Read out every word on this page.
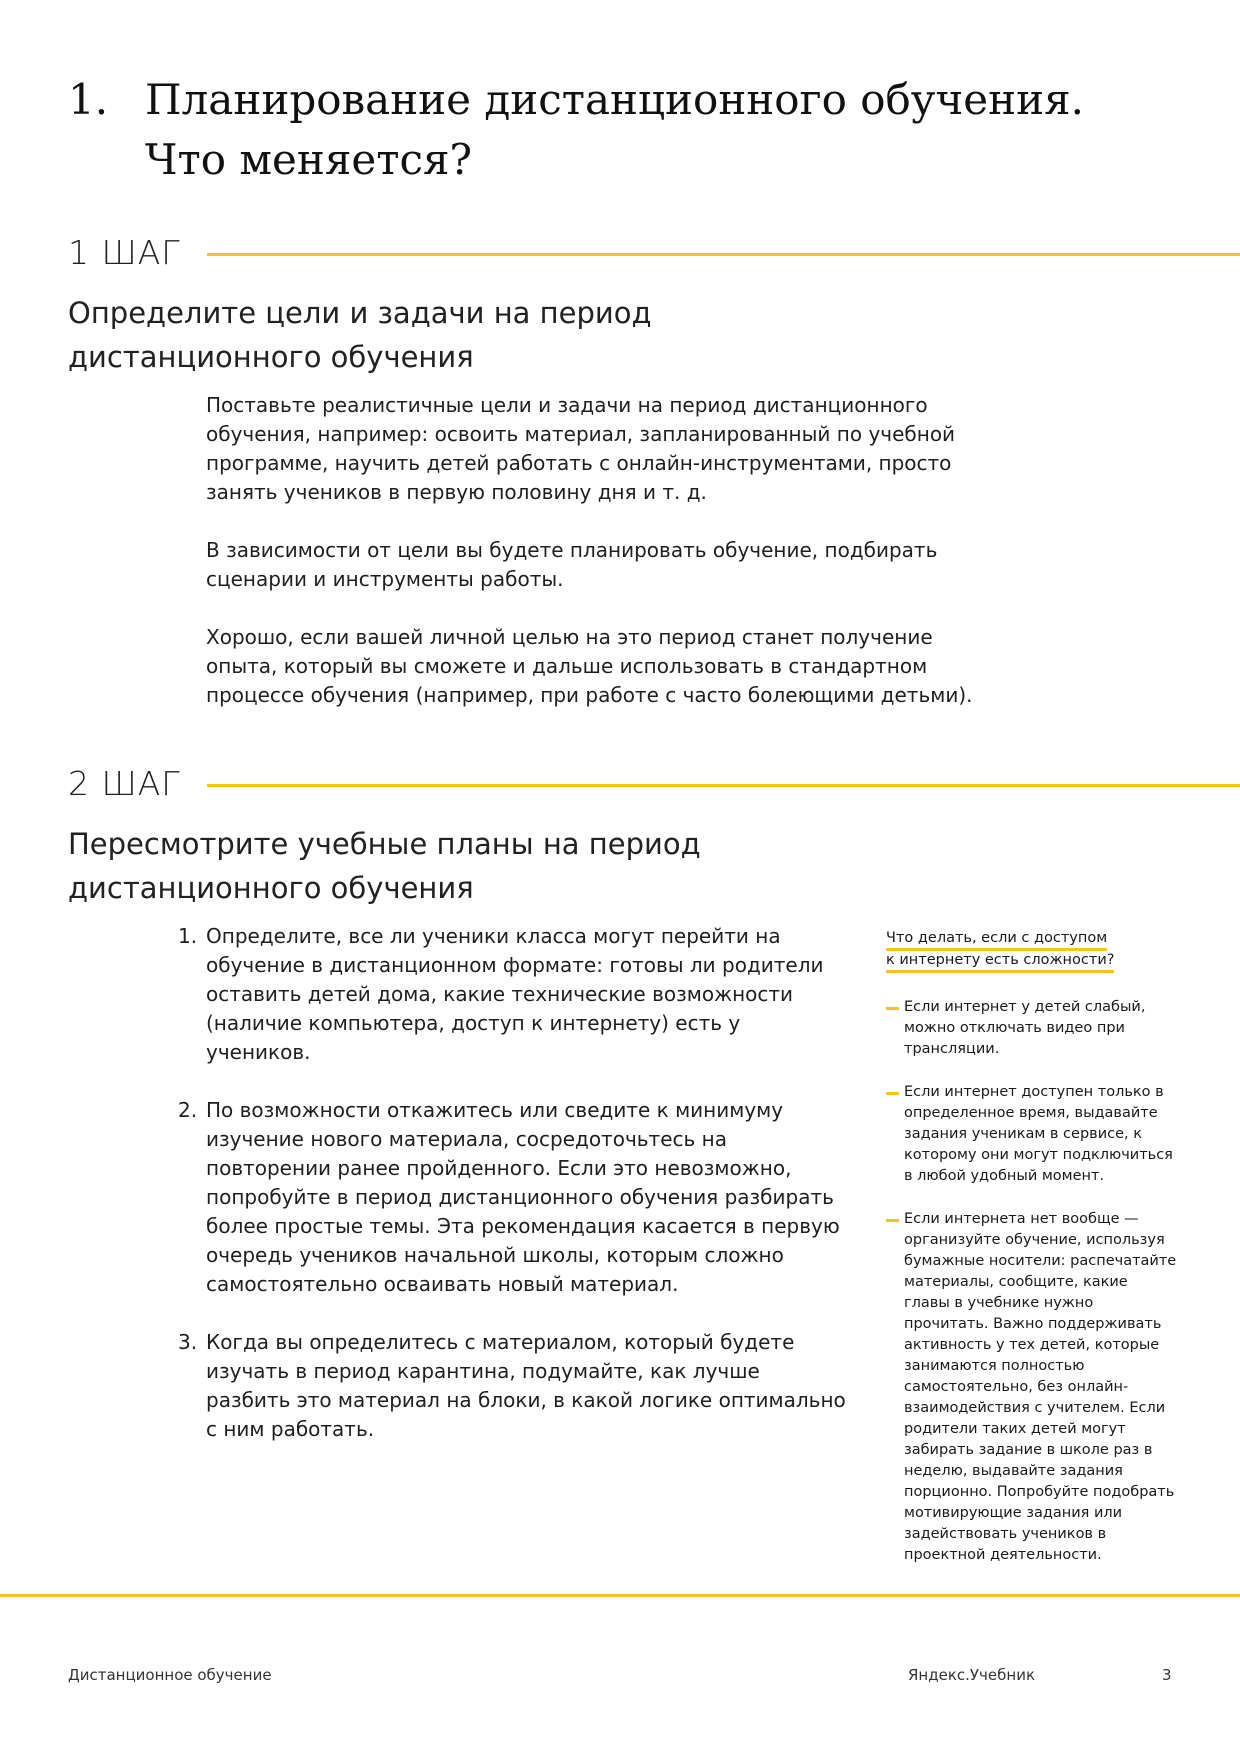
1. Планирование дистанционного обучения. Что меняется?
1 ШАГ
Определите цели и задачи на период дистанционного обучения

Поставьте реалистичные цели и задачи на период дистанционного обучения, например: освоить материал, запланированный по учебной программе, научить детей работать с онлайн-инструментами, просто занять учеников в первую половину дня и т. д.

В зависимости от цели вы будете планировать обучение, подбирать сценарии и инструменты работы.

Хорошо, если вашей личной целью на это период станет получение опыта, который вы сможете и дальше использовать в стандартном процессе обучения (например, при работе с часто болеющими детьми).

2 ШАГ
Пересмотрите учебные планы на период дистанционного обучения
1. Определите, все ли ученики класса могут перейти на обучение в дистанционном формате: готовы ли родители оставить детей дома, какие технические возможности (наличие компьютера, доступ к интернету) есть у учеников.
2. По возможности откажитесь или сведите к минимуму изучение нового материала, сосредоточьтесь на повторении ранее пройденного. Если это невозможно, попробуйте в период дистанционного обучения разбирать более простые темы. Эта рекомендация касается в первую очередь учеников начальной школы, которым сложно самостоятельно осваивать новый материал.
3. Когда вы определитесь с материалом, который будете изучать в период карантина, подумайте, как лучше разбить это материал на блоки, в какой логике оптимально с ним работать.
Что делать, если с доступом к интернету есть сложности?
Если интернет у детей слабый, можно отключать видео при трансляции.
Если интернет доступен только в определенное время, выдавайте задания ученикам в сервисе, к которому они могут подключиться в любой удобный момент.
Если интернета нет вообще — организуйте обучение, используя бумажные носители: распечатайте материалы, сообщите, какие главы в учебнике нужно прочитать. Важно поддерживать активность у тех детей, которые занимаются полностью самостоятельно, без онлайн-взаимодействия с учителем. Если родители таких детей могут забирать задание в школе раз в неделю, выдавайте задания порционно. Попробуйте подобрать мотивирующие задания или задействовать учеников в проектной деятельности.
Дистанционное обучение	Яндекс.Учебник	3
